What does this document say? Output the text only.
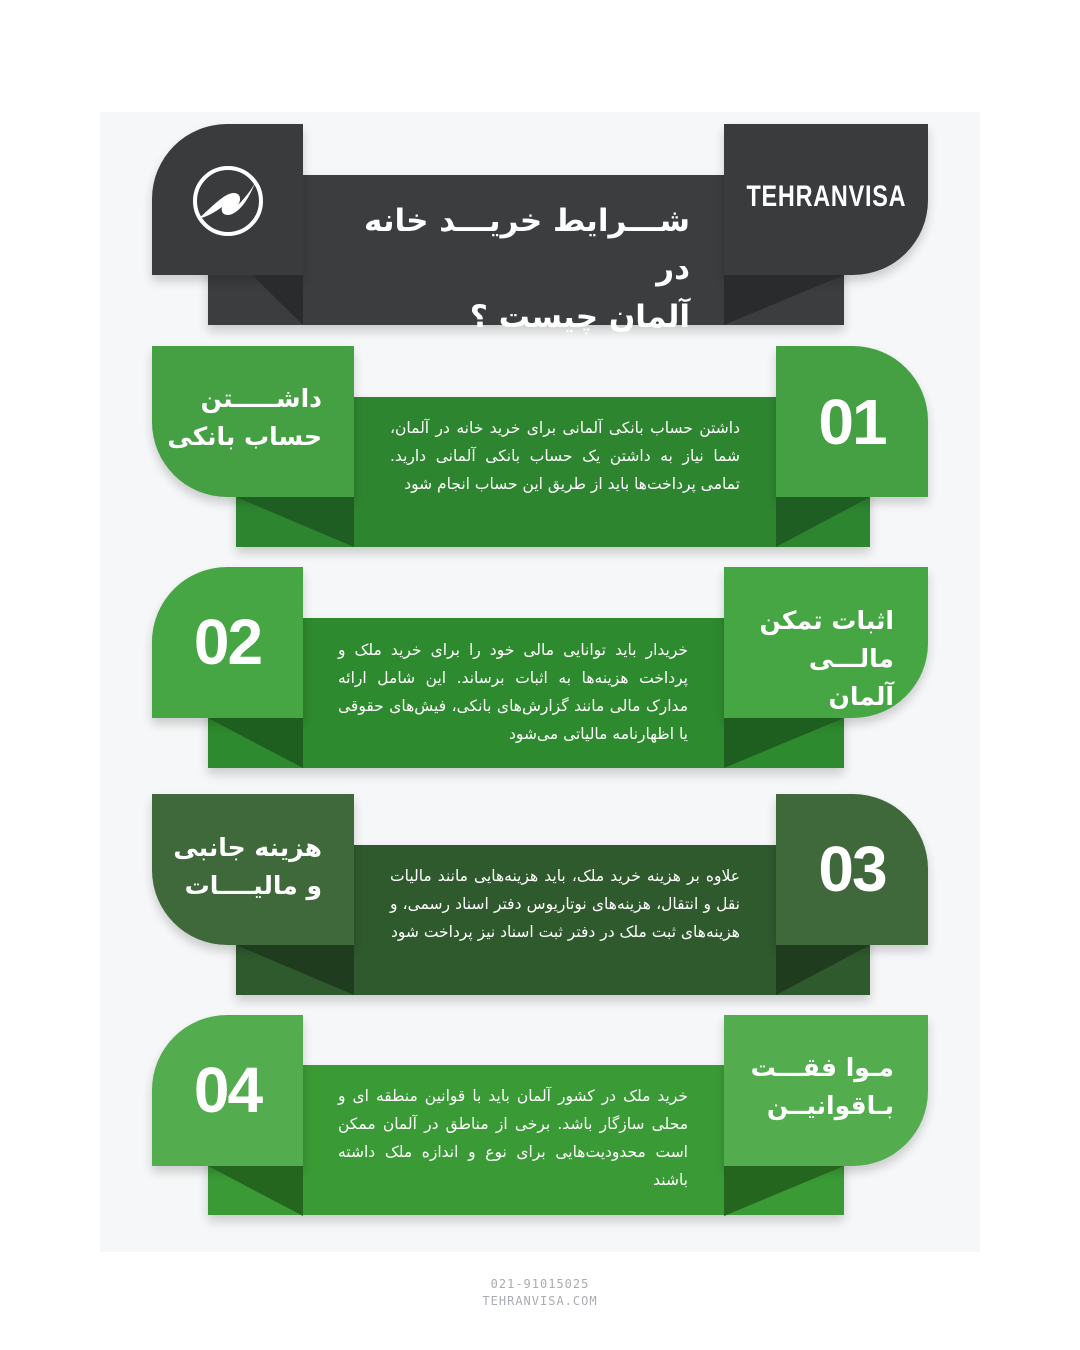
TEHRANVISA
شـــرایط خریـــد خانه در
آلمان چیست ؟
01
داشـــــتن
حساب بانکی	داشتن حساب بانکی آلمانی برای خرید خانه در آلمان، شما نیاز به داشتن یک حساب بانکی آلمانی دارید. تمامی پرداخت‌ها باید از طریق این حساب انجام شود
02	اثبات تمکن
مالـــی آلمان
خریدار باید توانایی مالی خود را برای خرید ملک و پرداخت هزینه‌ها به اثبات برساند. این شامل ارائه مدارک مالی مانند گزارش‌های بانکی، فیش‌های حقوقی یا اظهارنامه مالیاتی می‌شود
03
هزینه جانبی
و مالیــــات	علاوه بر هزینه خرید ملک، باید هزینه‌هایی مانند مالیات نقل و انتقال، هزینه‌های نوتاریوس دفتر اسناد رسمی، و هزینه‌های ثبت ملک در دفتر ثبت اسناد نیز پرداخت شود
04	مـوا فقـــت
بـاقوانیــن
خرید ملک در کشور آلمان باید با قوانین منطقه ای و محلی سازگار باشد. برخی از مناطق در آلمان ممکن است محدودیت‌هایی برای نوع و اندازه ملک داشته باشند
021-91015025
TEHRANVISA.COM
